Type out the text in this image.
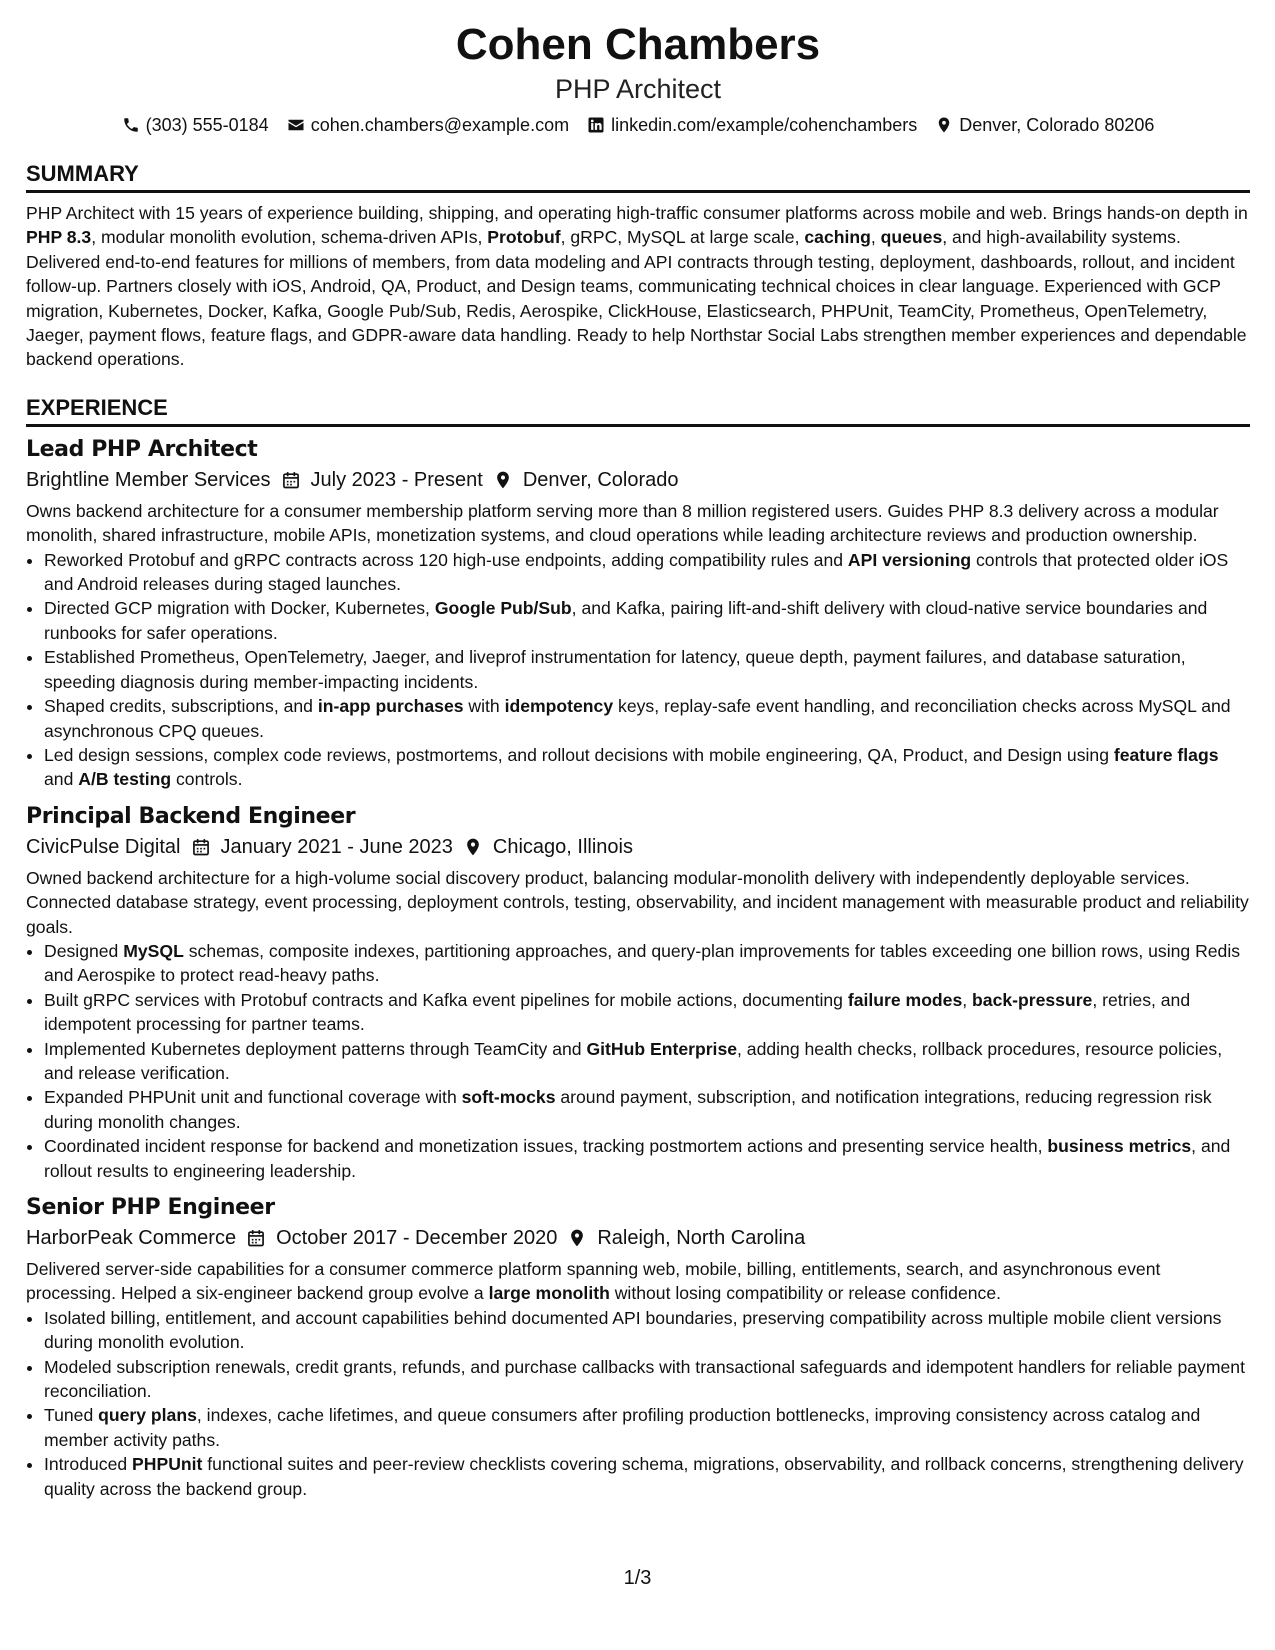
Cohen Chambers
PHP Architect
(303) 555-0184 cohen.chambers@example.com linkedin.com/example/cohenchambers Denver, Colorado 80206
SUMMARY
PHP Architect with 15 years of experience building, shipping, and operating high-traffic consumer platforms across mobile and web. Brings hands-on depth in PHP 8.3, modular monolith evolution, schema-driven APIs, Protobuf, gRPC, MySQL at large scale, caching, queues, and high-availability systems. Delivered end-to-end features for millions of members, from data modeling and API contracts through testing, deployment, dashboards, rollout, and incident follow-up. Partners closely with iOS, Android, QA, Product, and Design teams, communicating technical choices in clear language. Experienced with GCP migration, Kubernetes, Docker, Kafka, Google Pub/Sub, Redis, Aerospike, ClickHouse, Elasticsearch, PHPUnit, TeamCity, Prometheus, OpenTelemetry, Jaeger, payment flows, feature flags, and GDPR-aware data handling. Ready to help Northstar Social Labs strengthen member experiences and dependable backend operations.
EXPERIENCE
Lead PHP Architect
Brightline Member Services July 2023 - Present Denver, Colorado
Owns backend architecture for a consumer membership platform serving more than 8 million registered users. Guides PHP 8.3 delivery across a modular monolith, shared infrastructure, mobile APIs, monetization systems, and cloud operations while leading architecture reviews and production ownership.
• Reworked Protobuf and gRPC contracts across 120 high-use endpoints, adding compatibility rules and API versioning controls that protected older iOS and Android releases during staged launches.
• Directed GCP migration with Docker, Kubernetes, Google Pub/Sub, and Kafka, pairing lift-and-shift delivery with cloud-native service boundaries and runbooks for safer operations.
• Established Prometheus, OpenTelemetry, Jaeger, and liveprof instrumentation for latency, queue depth, payment failures, and database saturation, speeding diagnosis during member-impacting incidents.
• Shaped credits, subscriptions, and in-app purchases with idempotency keys, replay-safe event handling, and reconciliation checks across MySQL and asynchronous CPQ queues.
• Led design sessions, complex code reviews, postmortems, and rollout decisions with mobile engineering, QA, Product, and Design using feature flags and A/B testing controls.
Principal Backend Engineer
CivicPulse Digital January 2021 - June 2023 Chicago, Illinois
Owned backend architecture for a high-volume social discovery product, balancing modular-monolith delivery with independently deployable services. Connected database strategy, event processing, deployment controls, testing, observability, and incident management with measurable product and reliability goals.
• Designed MySQL schemas, composite indexes, partitioning approaches, and query-plan improvements for tables exceeding one billion rows, using Redis and Aerospike to protect read-heavy paths.
• Built gRPC services with Protobuf contracts and Kafka event pipelines for mobile actions, documenting failure modes, back-pressure, retries, and idempotent processing for partner teams.
• Implemented Kubernetes deployment patterns through TeamCity and GitHub Enterprise, adding health checks, rollback procedures, resource policies, and release verification.
• Expanded PHPUnit unit and functional coverage with soft-mocks around payment, subscription, and notification integrations, reducing regression risk during monolith changes.
• Coordinated incident response for backend and monetization issues, tracking postmortem actions and presenting service health, business metrics, and rollout results to engineering leadership.
Senior PHP Engineer
HarborPeak Commerce October 2017 - December 2020 Raleigh, North Carolina
Delivered server-side capabilities for a consumer commerce platform spanning web, mobile, billing, entitlements, search, and asynchronous event processing. Helped a six-engineer backend group evolve a large monolith without losing compatibility or release confidence.
• Isolated billing, entitlement, and account capabilities behind documented API boundaries, preserving compatibility across multiple mobile client versions during monolith evolution.
• Modeled subscription renewals, credit grants, refunds, and purchase callbacks with transactional safeguards and idempotent handlers for reliable payment reconciliation.
• Tuned query plans, indexes, cache lifetimes, and queue consumers after profiling production bottlenecks, improving consistency across catalog and member activity paths.
• Introduced PHPUnit functional suites and peer-review checklists covering schema, migrations, observability, and rollback concerns, strengthening delivery quality across the backend group.
1/3
